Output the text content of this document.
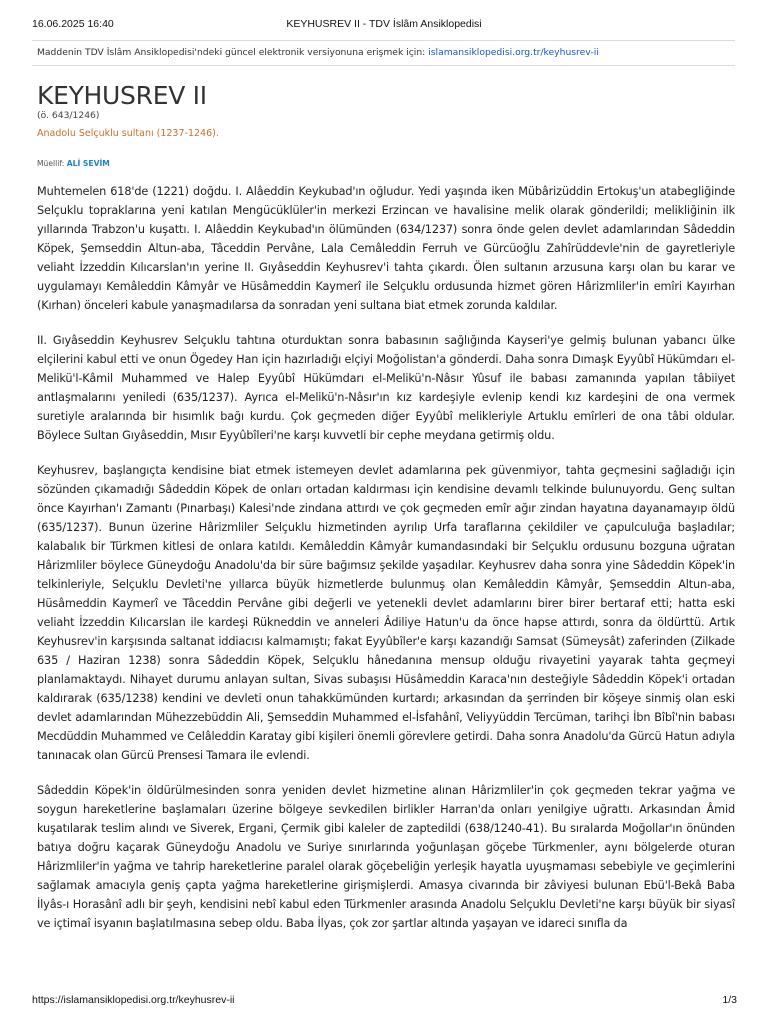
16.06.2025 16:40	KEYHUSREV II - TDV İslâm Ansiklopedisi
Maddenin TDV İslâm Ansiklopedisi'ndeki güncel elektronik versiyonuna erişmek için: islamansiklopedisi.org.tr/keyhusrev-ii
KEYHUSREV II
(ö. 643/1246)
Anadolu Selçuklu sultanı (1237-1246).
Müellif: ALİ SEVİM

Muhtemelen 618'de (1221) doğdu. I. Alâeddin Keykubad'ın oğludur. Yedi yaşında iken Mübârizüddin Ertokuş'un atabegliğinde Selçuklu topraklarına yeni katılan Mengücüklüler'in merkezi Erzincan ve havalisine melik olarak gönderildi; melikliğinin ilk yıllarında Trabzon'u kuşattı. I. Alâeddin Keykubad'ın ölümünden (634/1237) sonra önde gelen devlet adamlarından Sâdeddin Köpek, Şemseddin Altun-aba, Tâceddin Pervâne, Lala Cemâleddin Ferruh ve Gürcüoğlu Zahîrüddevle'nin de gayretleriyle veliaht İzzeddin Kılıcarslan'ın yerine II. Gıyâseddin Keyhusrev'i tahta çıkardı. Ölen sultanın arzusuna karşı olan bu karar ve uygulamayı Kemâleddin Kâmyâr ve Hüsâmeddin Kaymerî ile Selçuklu ordusunda hizmet gören Hârizmliler'in emîri Kayırhan (Kırhan) önceleri kabule yanaşmadılarsa da sonradan yeni sultana biat etmek zorunda kaldılar.

II. Gıyâseddin Keyhusrev Selçuklu tahtına oturduktan sonra babasının sağlığında Kayseri'ye gelmiş bulunan yabancı ülke elçilerini kabul etti ve onun Ögedey Han için hazırladığı elçiyi Moğolistan'a gönderdi. Daha sonra Dımaşk Eyyûbî Hükümdarı el-Melikü'l-Kâmil Muhammed ve Halep Eyyûbî Hükümdarı el-Melikü'n-Nâsır Yûsuf ile babası zamanında yapılan tâbiiyet antlaşmalarını yeniledi (635/1237). Ayrıca el-Melikü'n-Nâsır'ın kız kardeşiyle evlenip kendi kız kardeşini de ona vermek suretiyle aralarında bir hısımlık bağı kurdu. Çok geçmeden diğer Eyyûbî melikleriyle Artuklu emîrleri de ona tâbi oldular. Böylece Sultan Gıyâseddin, Mısır Eyyûbîleri'ne karşı kuvvetli bir cephe meydana getirmiş oldu.

Keyhusrev, başlangıçta kendisine biat etmek istemeyen devlet adamlarına pek güvenmiyor, tahta geçmesini sağladığı için sözünden çıkamadığı Sâdeddin Köpek de onları ortadan kaldırması için kendisine devamlı telkinde bulunuyordu. Genç sultan önce Kayırhan'ı Zamantı (Pınarbaşı) Kalesi'nde zindana attırdı ve çok geçmeden emîr ağır zindan hayatına dayanamayıp öldü (635/1237). Bunun üzerine Hârizmliler Selçuklu hizmetinden ayrılıp Urfa taraflarına çekildiler ve çapulculuğa başladılar; kalabalık bir Türkmen kitlesi de onlara katıldı. Kemâleddin Kâmyâr kumandasındaki bir Selçuklu ordusunu bozguna uğratan Hârizmliler böylece Güneydoğu Anadolu'da bir süre bağımsız şekilde yaşadılar. Keyhusrev daha sonra yine Sâdeddin Köpek'in telkinleriyle, Selçuklu Devleti'ne yıllarca büyük hizmetlerde bulunmuş olan Kemâleddin Kâmyâr, Şemseddin Altun-aba, Hüsâmeddin Kaymerî ve Tâceddin Pervâne gibi değerli ve yetenekli devlet adamlarını birer birer bertaraf etti; hatta eski veliaht İzzeddin Kılıcarslan ile kardeşi Rükneddin ve anneleri Âdiliye Hatun'u da önce hapse attırdı, sonra da öldürttü. Artık Keyhusrev'in karşısında saltanat iddiacısı kalmamıştı; fakat Eyyûbîler'e karşı kazandığı Samsat (Sümeysât) zaferinden (Zilkade 635 / Haziran 1238) sonra Sâdeddin Köpek, Selçuklu hânedanına mensup olduğu rivayetini yayarak tahta geçmeyi planlamaktaydı. Nihayet durumu anlayan sultan, Sivas subaşısı Hüsâmeddin Karaca'nın desteğiyle Sâdeddin Köpek'i ortadan kaldırarak (635/1238) kendini ve devleti onun tahakkümünden kurtardı; arkasından da şerrinden bir köşeye sinmiş olan eski devlet adamlarından Mühezzebüddin Ali, Şemseddin Muhammed el-İsfahânî, Veliyyüddin Tercüman, tarihçi İbn Bîbî'nin babası Mecdüddin Muhammed ve Celâleddin Karatay gibi kişileri önemli görevlere getirdi. Daha sonra Anadolu'da Gürcü Hatun adıyla tanınacak olan Gürcü Prensesi Tamara ile evlendi.

Sâdeddin Köpek'in öldürülmesinden sonra yeniden devlet hizmetine alınan Hârizmliler'in çok geçmeden tekrar yağma ve soygun hareketlerine başlamaları üzerine bölgeye sevkedilen birlikler Harran'da onları yenilgiye uğrattı. Arkasından Âmid kuşatılarak teslim alındı ve Siverek, Ergani, Çermik gibi kaleler de zaptedildi (638/1240-41). Bu sıralarda Moğollar'ın önünden batıya doğru kaçarak Güneydoğu Anadolu ve Suriye sınırlarında yoğunlaşan göçebe Türkmenler, aynı bölgelerde oturan Hârizmliler'in yağma ve tahrip hareketlerine paralel olarak göçebeliğin yerleşik hayatla uyuşmaması sebebiyle ve geçimlerini sağlamak amacıyla geniş çapta yağma hareketlerine girişmişlerdi. Amasya civarında bir zâviyesi bulunan Ebü'l-Bekâ Baba İlyâs-ı Horasânî adlı bir şeyh, kendisini nebî kabul eden Türkmenler arasında Anadolu Selçuklu Devleti'ne karşı büyük bir siyasî ve içtimaî isyanın başlatılmasına sebep oldu. Baba İlyas, çok zor şartlar altında yaşayan ve idareci sınıfla da

https://islamansiklopedisi.org.tr/keyhusrev-ii	1/3
